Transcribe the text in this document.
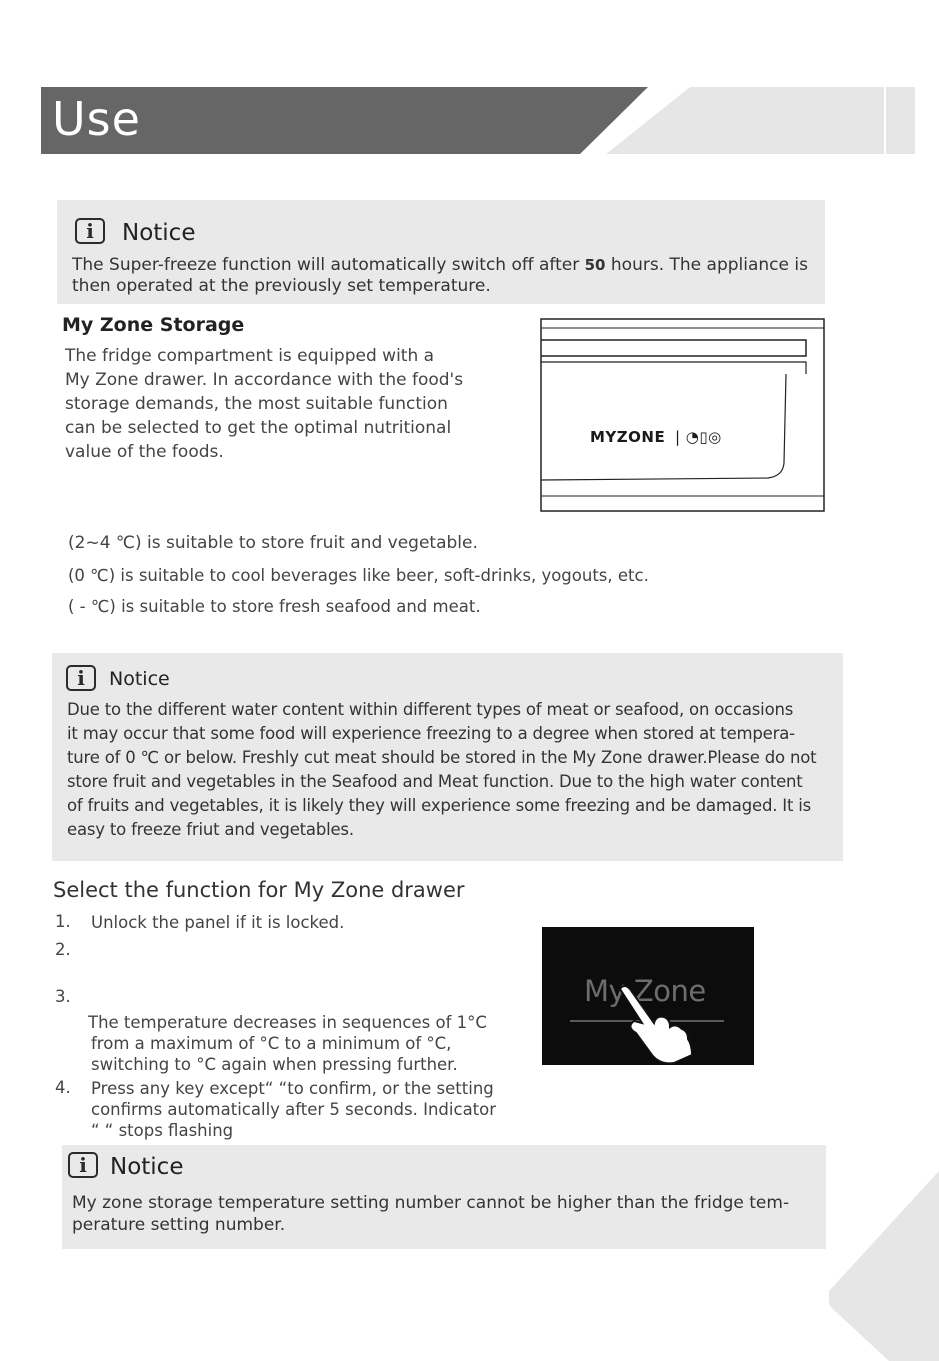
Use
i	Notice
The Super-freeze function will automatically switch off after 50 hours. The appliance is
then operated at the previously set temperature.
My Zone Storage
The fridge compartment is equipped with a
My Zone drawer. In accordance with the food's
storage demands, the most suitable function
can be selected to get the optimal nutritional
value of the foods.
MYZONE | ◔▯◎
(2~4 ℃) is suitable to store fruit and vegetable.
(0 ℃) is suitable to cool beverages like beer, soft-drinks, yogouts, etc.
( - ℃) is suitable to store fresh seafood and meat.
i	Notice
Due to the different water content within different types of meat or seafood, on occasions
it may occur that some food will experience freezing to a degree when stored at tempera-
ture of 0 ℃ or below. Freshly cut meat should be stored in the My Zone drawer.Please do not
store fruit and vegetables in the Seafood and Meat function. Due to the high water content
of fruits and vegetables, it is likely they will experience some freezing and be damaged. It is
easy to freeze friut and vegetables.
Select the function for My Zone drawer
1. Unlock the panel if it is locked.
2.
3.
The temperature decreases in sequences of 1°C
from a maximum of °C to a minimum of °C,
switching to °C again when pressing further.
4. Press any key except“ “to confirm, or the setting
confirms automatically after 5 seconds. Indicator
“ “ stops flashing
My Zone
i	Notice
My zone storage temperature setting number cannot be higher than the fridge tem-
perature setting number.
